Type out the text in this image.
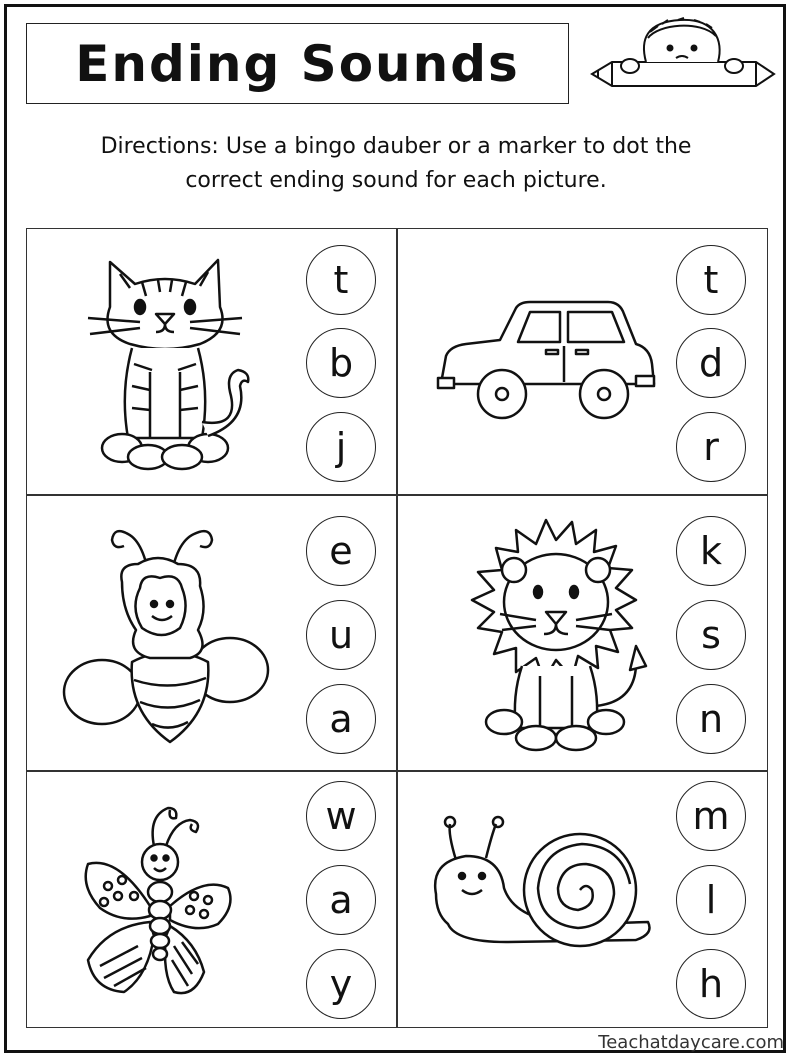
Ending Sounds
Directions: Use a bingo dauber or a marker to dot the
correct ending sound for each picture.
t
b
j
t
d
r
e
u
a
k
s
n
w
a
y
m
l
h
Teachatdaycare.com
